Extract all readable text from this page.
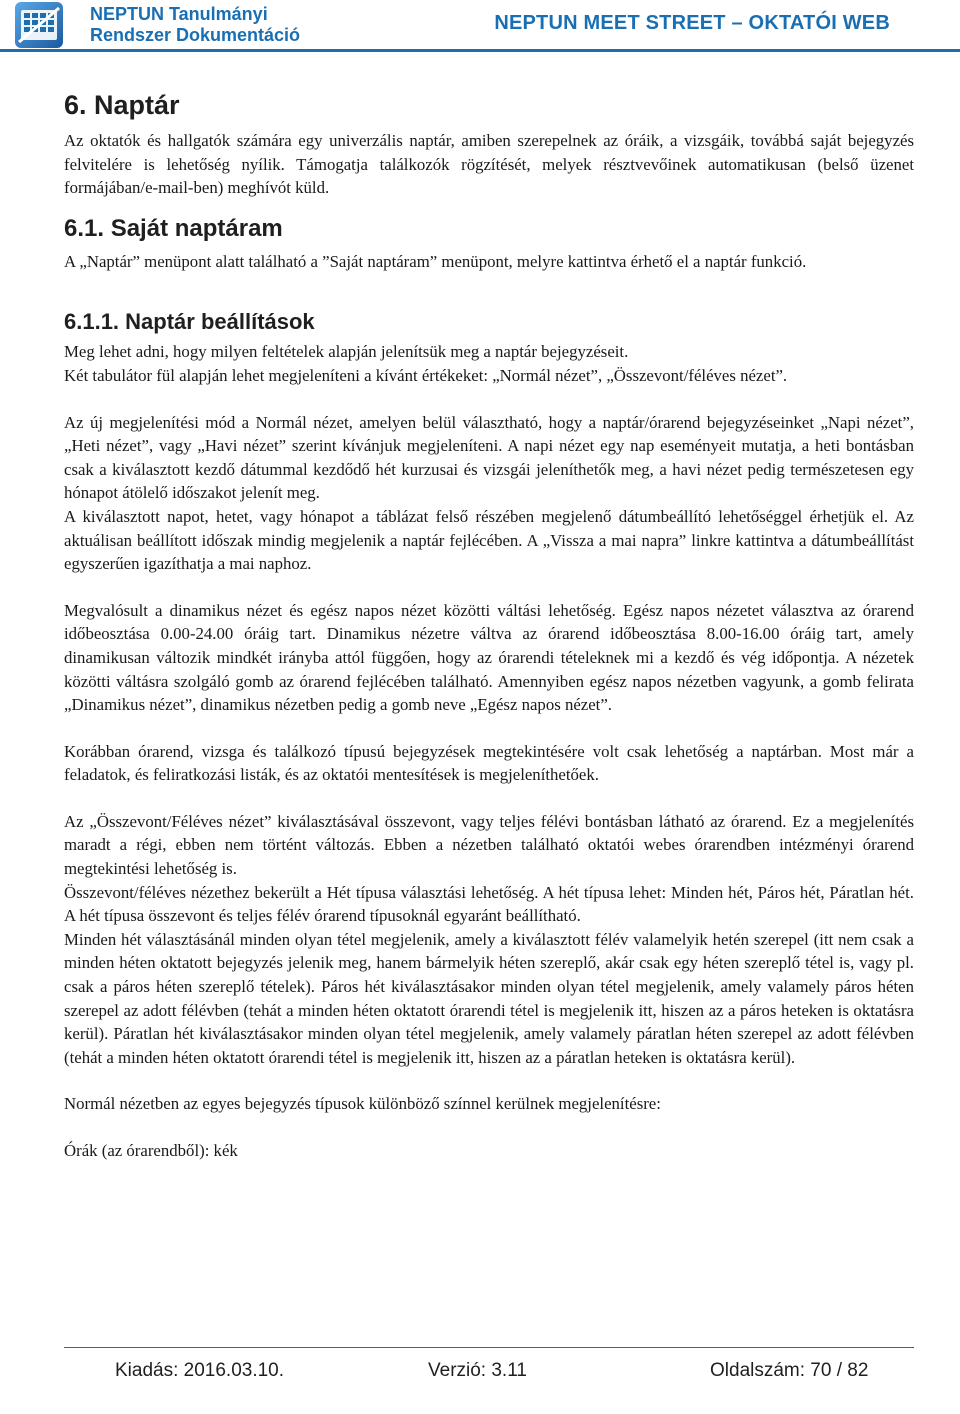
NEPTUN Tanulmányi
Rendszer Dokumentáció
NEPTUN MEET STREET – OKTATÓI WEB
6. Naptár

Az oktatók és hallgatók számára egy univerzális naptár, amiben szerepelnek az óráik, a vizsgáik, továbbá saját bejegyzés felvitelére is lehetőség nyílik. Támogatja találkozók rögzítését, melyek résztvevőinek automatikusan (belső üzenet formájában/e-mail-ben) meghívót küld.

6.1. Saját naptáram

A „Naptár” menüpont alatt található a ”Saját naptáram” menüpont, melyre kattintva érhető el a naptár funkció.

6.1.1. Naptár beállítások

Meg lehet adni, hogy milyen feltételek alapján jelenítsük meg a naptár bejegyzéseit.

Két tabulátor fül alapján lehet megjeleníteni a kívánt értékeket: „Normál nézet”, „Összevont/féléves nézet”.

Az új megjelenítési mód a Normál nézet, amelyen belül választható, hogy a naptár/órarend bejegyzéseinket „Napi nézet”, „Heti nézet”, vagy „Havi nézet” szerint kívánjuk megjeleníteni. A napi nézet egy nap eseményeit mutatja, a heti bontásban csak a kiválasztott kezdő dátummal kezdődő hét kurzusai és vizsgái jeleníthetők meg, a havi nézet pedig természetesen egy hónapot átölelő időszakot jelenít meg.

A kiválasztott napot, hetet, vagy hónapot a táblázat felső részében megjelenő dátumbeállító lehetőséggel érhetjük el. Az aktuálisan beállított időszak mindig megjelenik a naptár fejlécében. A „Vissza a mai napra” linkre kattintva a dátumbeállítást egyszerűen igazíthatja a mai naphoz.

Megvalósult a dinamikus nézet és egész napos nézet közötti váltási lehetőség. Egész napos nézetet választva az órarend időbeosztása 0.00-24.00 óráig tart. Dinamikus nézetre váltva az órarend időbeosztása 8.00-16.00 óráig tart, amely dinamikusan változik mindkét irányba attól függően, hogy az órarendi tételeknek mi a kezdő és vég időpontja. A nézetek közötti váltásra szolgáló gomb az órarend fejlécében található. Amennyiben egész napos nézetben vagyunk, a gomb felirata „Dinamikus nézet”, dinamikus nézetben pedig a gomb neve „Egész napos nézet”.

Korábban órarend, vizsga és találkozó típusú bejegyzések megtekintésére volt csak lehetőség a naptárban. Most már a feladatok, és feliratkozási listák, és az oktatói mentesítések is megjeleníthetőek.

Az „Összevont/Féléves nézet” kiválasztásával összevont, vagy teljes félévi bontásban látható az órarend. Ez a megjelenítés maradt a régi, ebben nem történt változás. Ebben a nézetben található oktatói webes órarendben intézményi órarend megtekintési lehetőség is.

Összevont/féléves nézethez bekerült a Hét típusa választási lehetőség. A hét típusa lehet: Minden hét, Páros hét, Páratlan hét. A hét típusa összevont és teljes félév órarend típusoknál egyaránt beállítható.

Minden hét választásánál minden olyan tétel megjelenik, amely a kiválasztott félév valamelyik hetén szerepel (itt nem csak a minden héten oktatott bejegyzés jelenik meg, hanem bármelyik héten szereplő, akár csak egy héten szereplő tétel is, vagy pl. csak a páros héten szereplő tételek). Páros hét kiválasztásakor minden olyan tétel megjelenik, amely valamely páros héten szerepel az adott félévben (tehát a minden héten oktatott órarendi tétel is megjelenik itt, hiszen az a páros heteken is oktatásra kerül). Páratlan hét kiválasztásakor minden olyan tétel megjelenik, amely valamely páratlan héten szerepel az adott félévben (tehát a minden héten oktatott órarendi tétel is megjelenik itt, hiszen az a páratlan heteken is oktatásra kerül).

Normál nézetben az egyes bejegyzés típusok különböző színnel kerülnek megjelenítésre:

Órák (az órarendből): kék

Kiadás: 2016.03.10.	Verzió: 3.11	Oldalszám: 70 / 82
